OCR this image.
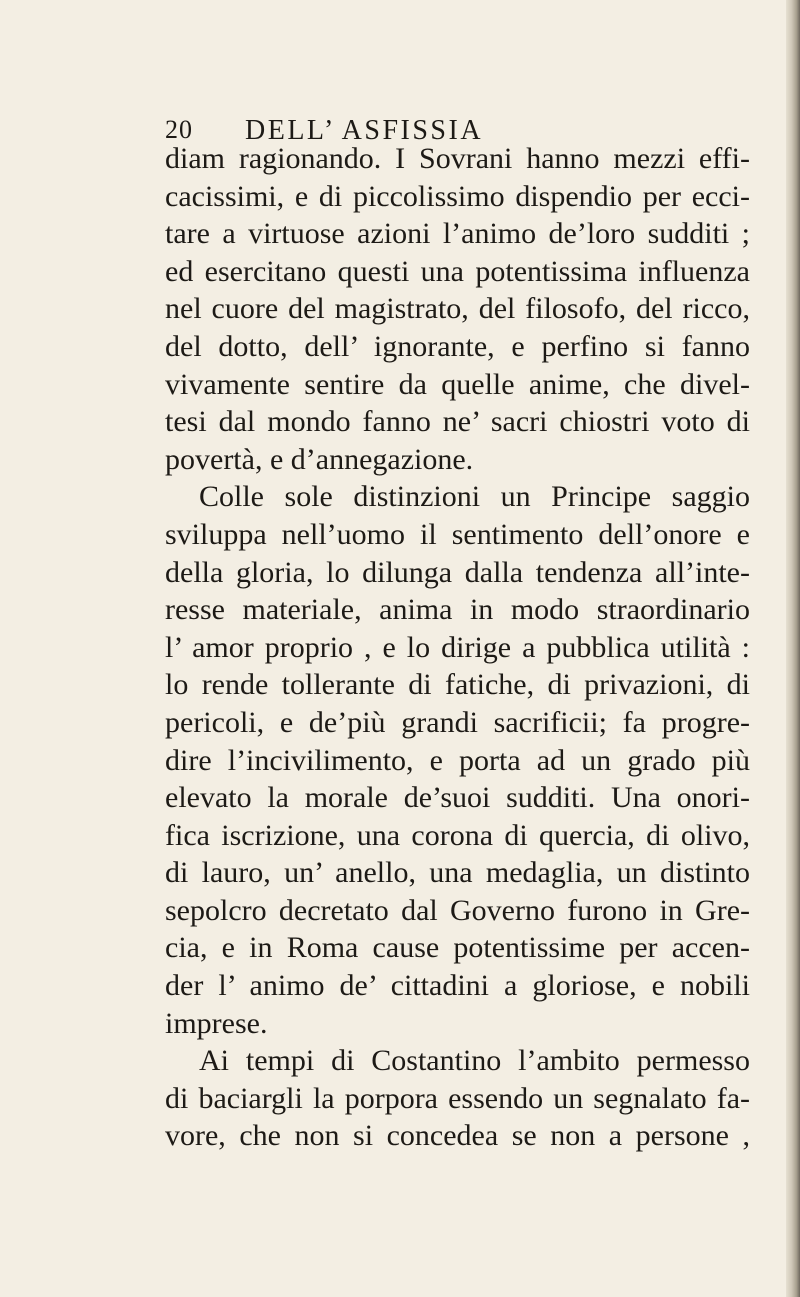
20 DELL’ ASFISSIA
diam ragionando. I Sovrani hanno mezzi effi-
cacissimi, e di piccolissimo dispendio per ecci-
tare a virtuose azioni l’animo de’loro sudditi ;
ed esercitano questi una potentissima influenza
nel cuore del magistrato, del filosofo, del ricco,
del dotto, dell’ ignorante, e perfino si fanno
vivamente sentire da quelle anime, che divel-
tesi dal mondo fanno ne’ sacri chiostri voto di
povertà, e d’annegazione.
Colle sole distinzioni un Principe saggio
sviluppa nell’uomo il sentimento dell’onore e
della gloria, lo dilunga dalla tendenza all’inte-
resse materiale, anima in modo straordinario
l’ amor proprio , e lo dirige a pubblica utilità :
lo rende tollerante di fatiche, di privazioni, di
pericoli, e de’più grandi sacrificii; fa progre-
dire l’incivilimento, e porta ad un grado più
elevato la morale de’suoi sudditi. Una onori-
fica iscrizione, una corona di quercia, di olivo,
di lauro, un’ anello, una medaglia, un distinto
sepolcro decretato dal Governo furono in Gre-
cia, e in Roma cause potentissime per accen-
der l’ animo de’ cittadini a gloriose, e nobili
imprese.
Ai tempi di Costantino l’ambito permesso
di baciargli la porpora essendo un segnalato fa-
vore, che non si concedea se non a persone ,
